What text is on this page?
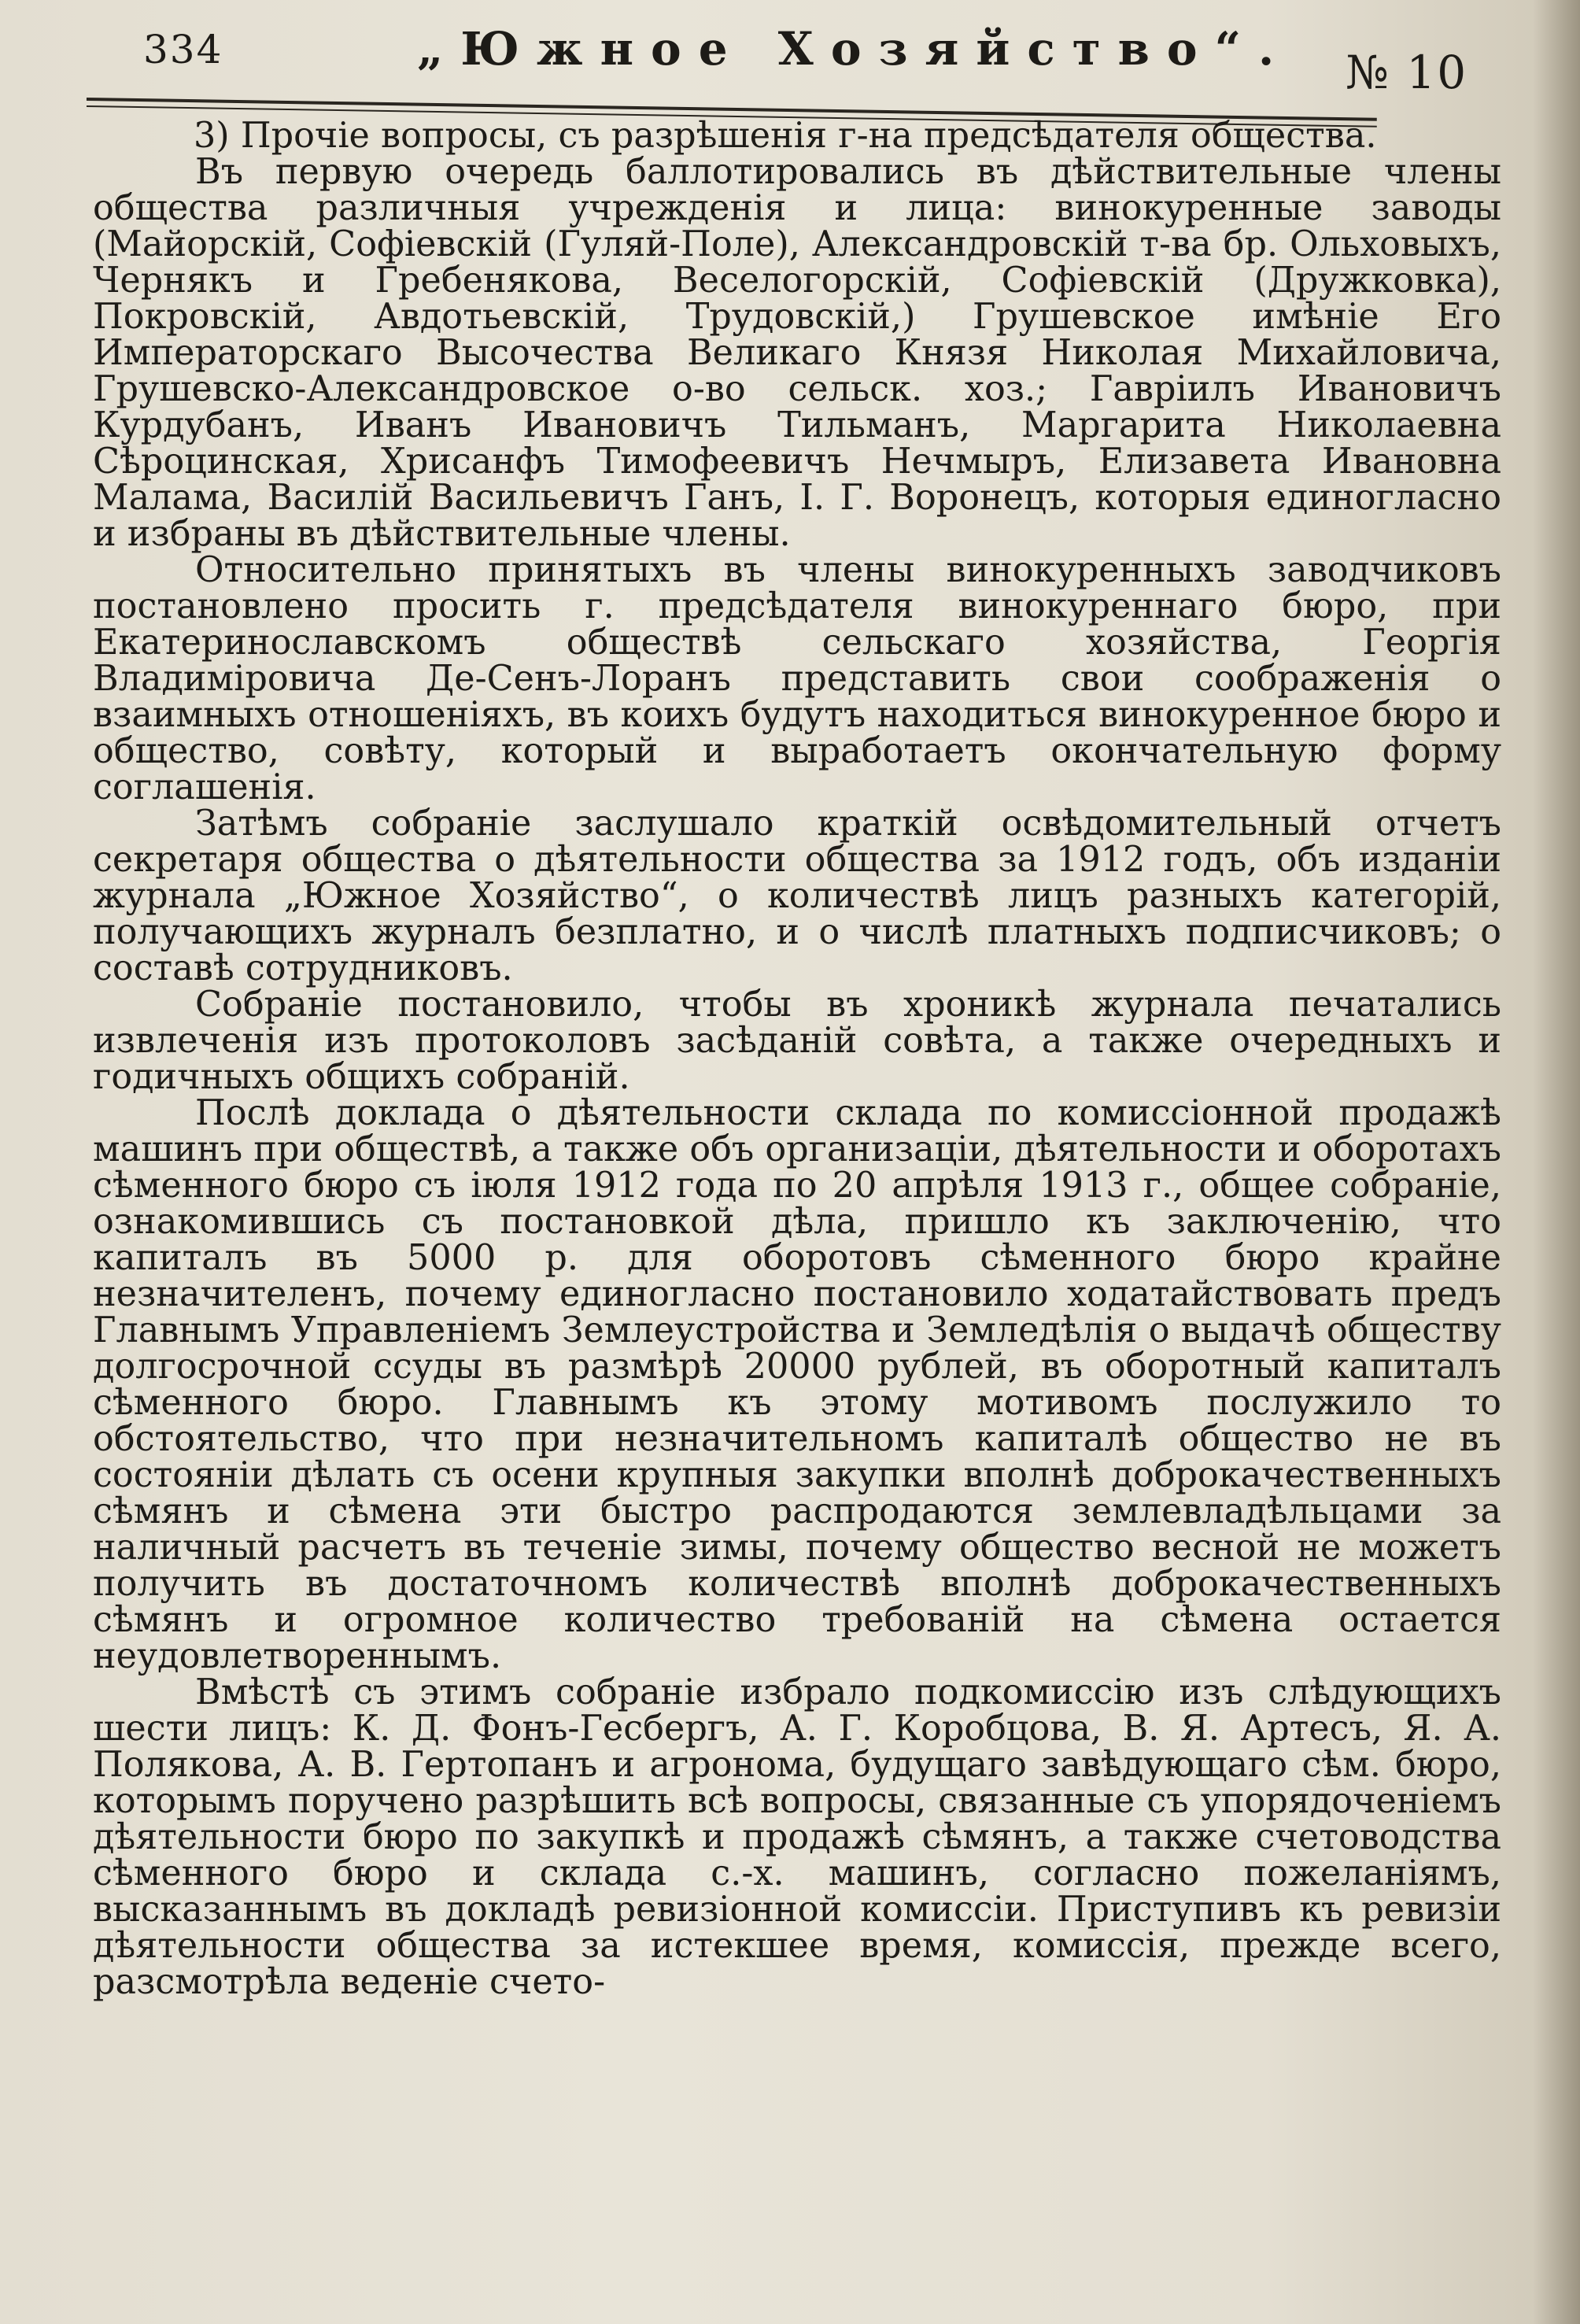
334	„Южное Хозяйство“. № 10

3) Прочіе вопросы, съ разрѣшенія г-на предсѣдателя общества.

Въ первую очередь баллотировались въ дѣйствительные члены общества различныя учрежденія и лица: винокуренные заводы (Майорскій, Софіевскій (Гуляй-Поле), Александровскій т-ва бр. Ольховыхъ, Чернякъ и Гребенякова, Веселогорскій, Софіевскій (Дружковка), Покровскій, Авдотьевскій, Трудовскій,) Грушевское имѣніе Его Императорскаго Высочества Великаго Князя Николая Михайловича, Грушевско-Александровское о-во сельск. хоз.; Гавріилъ Ивановичъ Курдубанъ, Иванъ Ивановичъ Тильманъ, Маргарита Николаевна Сѣроцинская, Хрисанфъ Тимофеевичъ Нечмыръ, Елизавета Ивановна Малама, Василій Васильевичъ Ганъ, І. Г. Воронецъ, которыя единогласно и избраны въ дѣйствительные члены.

Относительно принятыхъ въ члены винокуренныхъ заводчиковъ постановлено просить г. предсѣдателя винокуреннаго бюро, при Екатеринославскомъ обществѣ сельскаго хозяйства, Георгія Владиміровича Де-Сенъ-Лоранъ представить свои соображенія о взаимныхъ отношеніяхъ, въ коихъ будутъ находиться винокуренное бюро и общество, совѣту, который и выработаетъ окончательную форму соглашенія.

Затѣмъ собраніе заслушало краткій освѣдомительный отчетъ секретаря общества о дѣятельности общества за 1912 годъ, объ изданіи журнала „Южное Хозяйство“, о количествѣ лицъ разныхъ категорій, получающихъ журналъ безплатно, и о числѣ платныхъ подписчиковъ; о составѣ сотрудниковъ.

Собраніе постановило, чтобы въ хроникѣ журнала печатались извлеченія изъ протоколовъ засѣданій совѣта, а также очередныхъ и годичныхъ общихъ собраній.

Послѣ доклада о дѣятельности склада по комиссіонной продажѣ машинъ при обществѣ, а также объ организаціи, дѣятельности и оборотахъ сѣменного бюро съ іюля 1912 года по 20 апрѣля 1913 г., общее собраніе, ознакомившись съ постановкой дѣла, пришло къ заключенію, что капиталъ въ 5000 р. для оборотовъ сѣменного бюро крайне незначителенъ, почему единогласно постановило ходатайствовать предъ Главнымъ Управленіемъ Землеустройства и Земледѣлія о выдачѣ обществу долгосрочной ссуды въ размѣрѣ 20000 рублей, въ оборотный капиталъ сѣменного бюро. Главнымъ къ этому мотивомъ послужило то обстоятельство, что при незначительномъ капиталѣ общество не въ состояніи дѣлать съ осени крупныя закупки вполнѣ доброкачественныхъ сѣмянъ и сѣмена эти быстро распродаются землевладѣльцами за наличный расчетъ въ теченіе зимы, почему общество весной не можетъ получить въ достаточномъ количествѣ вполнѣ доброкачественныхъ сѣмянъ и огромное количество требованій на сѣмена остается неудовлетвореннымъ.

Вмѣстѣ съ этимъ собраніе избрало подкомиссію изъ слѣдующихъ шести лицъ: К. Д. Фонъ-Гесбергъ, А. Г. Коробцова, В. Я. Артесъ, Я. А. Полякова, А. В. Гертопанъ и агронома, будущаго завѣдующаго сѣм. бюро, которымъ поручено разрѣшить всѣ вопросы, связанные съ упорядоченіемъ дѣятельности бюро по закупкѣ и продажѣ сѣмянъ, а также счетоводства сѣменного бюро и склада с.-х. машинъ, согласно пожеланіямъ, высказаннымъ въ докладѣ ревизіонной комиссіи. Приступивъ къ ревизіи дѣятельности общества за истекшее время, комиссія, прежде всего, разсмотрѣла веденіе счето-
